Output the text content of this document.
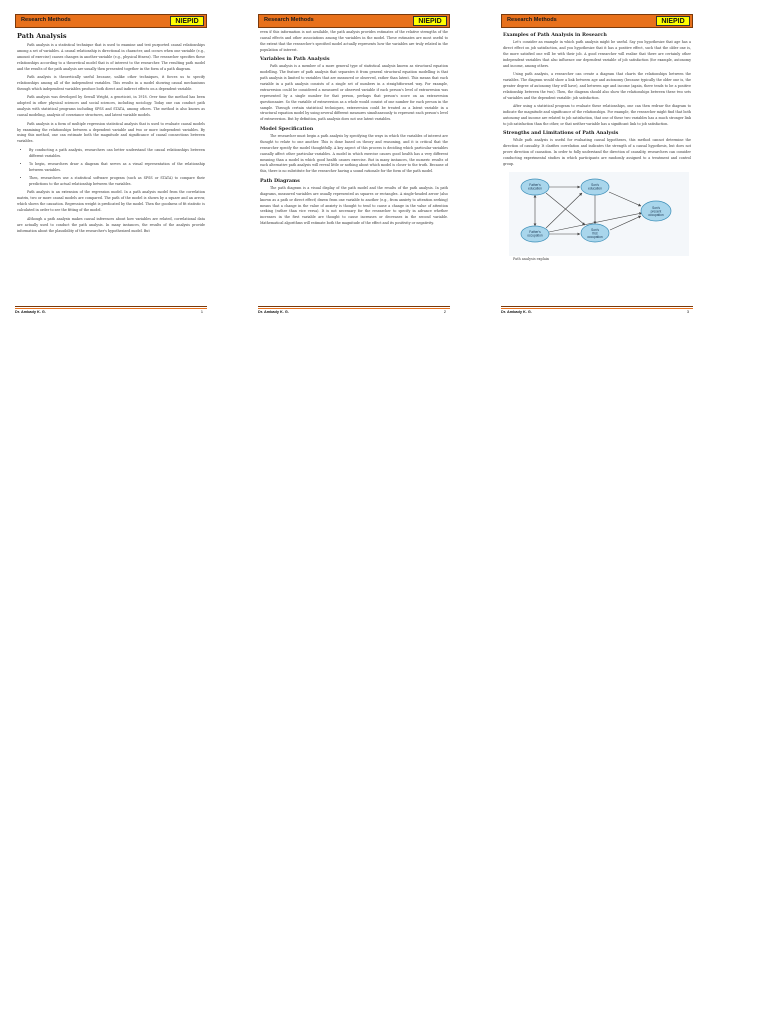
Research Methods	NIEPID
Path Analysis

Path analysis is a statistical technique that is used to examine and test purported causal relationships among a set of variables. A causal relationship is directional in character, and occurs when one variable (e.g., amount of exercise) causes changes in another variable (e.g., physical fitness). The researcher specifies these relationships according to a theoretical model that is of interest to the researcher. The resulting path model and the results of the path analysis are usually then presented together in the form of a path diagram.

Path analysis is theoretically useful because, unlike other techniques, it forces us to specify relationships among all of the independent variables. This results in a model showing causal mechanisms through which independent variables produce both direct and indirect effects on a dependent variable.

Path analysis was developed by Sewall Wright, a geneticist, in 1918. Over time the method has been adopted in other physical sciences and social sciences, including sociology. Today one can conduct path analysis with statistical programs including SPSS and STATA, among others. The method is also known as causal modeling, analysis of covariance structures, and latent variable models.

Path analysis is a form of multiple regression statistical analysis that is used to evaluate causal models by examining the relationships between a dependent variable and two or more independent variables. By using this method, one can estimate both the magnitude and significance of causal connections between variables.

• By conducting a path analysis, researchers can better understand the causal relationships between different variables.
• To begin, researchers draw a diagram that serves as a visual representation of the relationship between variables.
• Then, researchers use a statistical software program (such as SPSS or STATA) to compare their predictions to the actual relationship between the variables.

Path analysis is an extension of the regression model. In a path analysis model from the correlation matrix, two or more causal models are compared. The path of the model is shown by a square and an arrow, which shows the causation. Regression weight is predicated by the model. Then the goodness of fit statistic is calculated in order to see the fitting of the model.

Although a path analysis makes causal inferences about how variables are related, correlational data are actually used to conduct the path analysis. In many instances, the results of the analysis provide information about the plausibility of the researcher's hypothesized model. But

Dr. Ambady K. G.	1
Research Methods	NIEPID

even if this information is not available, the path analysis provides estimates of the relative strengths of the causal effects and other associations among the variables in the model. These estimates are most useful to the extent that the researcher's specified model actually represents how the variables are truly related in the population of interest.

Variables in Path Analysis

Path analysis is a member of a more general type of statistical analysis known as structural equation modelling. The feature of path analysis that separates it from general structural equation modelling is that path analysis is limited to variables that are measured or observed, rather than latent. This means that each variable in a path analysis consists of a single set of numbers in a straightforward way. For example, extraversion could be considered a measured or observed variable if each person's level of extraversion was represented by a single number for that person, perhaps that person's score on an extraversion questionnaire. So the variable of extraversion as a whole would consist of one number for each person in the sample. Through certain statistical techniques, extraversion could be treated as a latent variable in a structural equation model by using several different measures simultaneously to represent each person's level of extraversion. But by definition, path analysis does not use latent variables.

Model Specification

The researcher must begin a path analysis by specifying the ways in which the variables of interest are thought to relate to one another. This is done based on theory and reasoning, and it is critical that the researcher specify the model thoughtfully. A key aspect of this process is deciding which particular variables causally affect other particular variables. A model in which exercise causes good health has a very different meaning than a model in which good health causes exercise. But in many instances, the numeric results of each alternative path analysis will reveal little or nothing about which model is closer to the truth. Because of this, there is no substitute for the researcher having a sound rationale for the form of the path model.

Path Diagrams

The path diagram is a visual display of the path model and the results of the path analysis. In path diagrams, measured variables are usually represented as squares or rectangles. A single-headed arrow (also known as a path or direct effect) drawn from one variable to another (e.g., from anxiety to attention seeking) means that a change in the value of anxiety is thought to tend to cause a change in the value of attention seeking (rather than vice versa). It is not necessary for the researcher to specify in advance whether increases in the first variable are thought to cause increases or decreases in the second variable. Mathematical algorithms will estimate both the magnitude of the effect and its positivity or negativity.

Dr. Ambady K. G.	2
Research Methods	NIEPID
Examples of Path Analysis in Research

Let's consider an example in which path analysis might be useful. Say you hypothesize that age has a direct effect on job satisfaction, and you hypothesize that it has a positive effect, such that the older one is, the more satisfied one will be with their job. A good researcher will realize that there are certainly other independent variables that also influence our dependent variable of job satisfaction (for example, autonomy and income, among others.

Using path analysis, a researcher can create a diagram that charts the relationships between the variables. The diagram would show a link between age and autonomy (because typically the older one is, the greater degree of autonomy they will have), and between age and income (again, there tends to be a positive relationship between the two). Then, the diagram should also show the relationships between these two sets of variables and the dependent variable: job satisfaction.

After using a statistical program to evaluate these relationships, one can then redraw the diagram to indicate the magnitude and significance of the relationships. For example, the researcher might find that both autonomy and income are related to job satisfaction, that one of these two variables has a much stronger link to job satisfaction than the other, or that neither variable has a significant link to job satisfaction.

Strengths and Limitations of Path Analysis

While path analysis is useful for evaluating causal hypotheses, this method cannot determine the direction of causality. It clarifies correlation and indicates the strength of a causal hypothesis, but does not prove direction of causation. In order to fully understand the direction of causality, researchers can consider conducting experimental studies in which participants are randomly assigned to a treatment and control group.

Father's education
Son's education
Son's present occupation
Father's occupation
Son's first occupation
Path analysis explain
Dr. Ambady K. G.	3
